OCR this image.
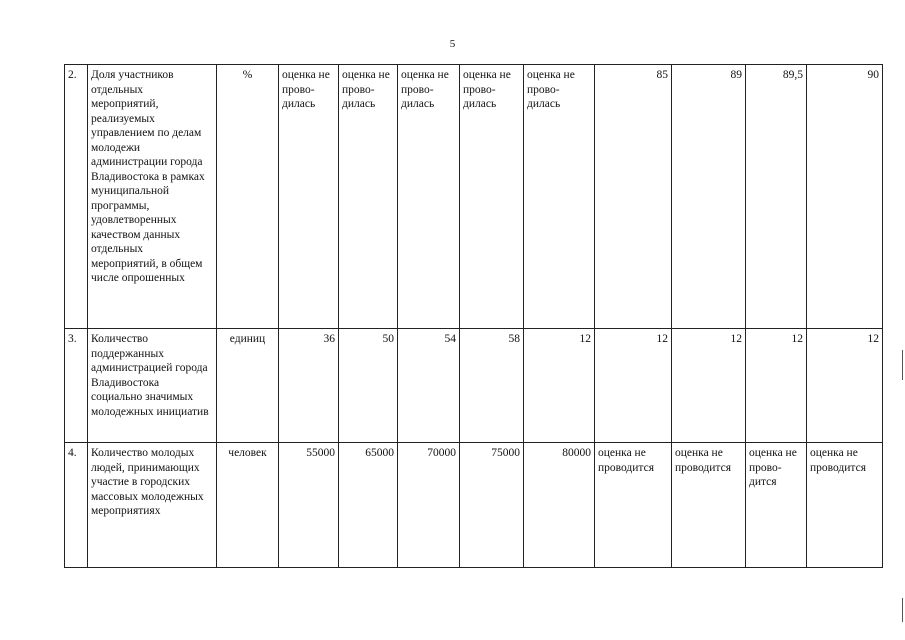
5
2.	Доля участников отдельных мероприятий, реализуемых управлением по делам молодежи администрации города Владивостока в рамках муниципальной программы, удовлетворенных качеством данных отдельных мероприятий, в общем числе опрошенных	%	оценка не прово-
дилась	оценка не прово-
дилась	оценка не прово-
дилась	оценка не прово-
дилась	оценка не прово-
дилась	85	89	89,5	90
3.	Количество поддержанных администрацией города Владивостока социально значимых молодежных инициатив	единиц	36	50	54	58	12	12	12	12	12
4.	Количество молодых людей, принимающих участие в городских массовых молодежных мероприятиях	человек	55000	65000	70000	75000	80000	оценка не проводится	оценка не проводится	оценка не прово-
дится	оценка не проводится
